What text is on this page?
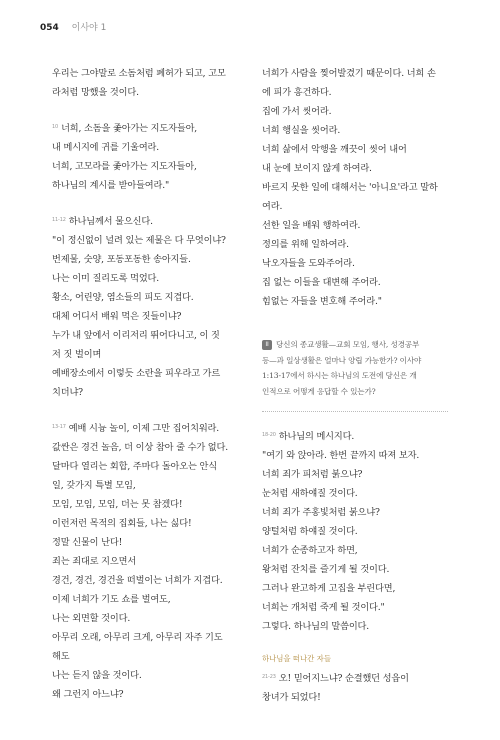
054 이사야 1
우리는 그야말로 소돔처럼 폐허가 되고, 고모
라처럼 망했을 것이다.
$^{10}$ 너희, 소돔을 좇아가는 지도자들아,
내 메시지에 귀를 기울여라.
너희, 고모라를 좇아가는 지도자들아,
하나님의 계시를 받아들여라."
$^{11-12}$ 하나님께서 물으신다.
"이 정신없이 널려 있는 제물은 다 무엇이냐?
번제물, 숫양, 포동포동한 송아지들.
나는 이미 질리도록 먹었다.
황소, 어린양, 염소들의 피도 지겹다.
대체 어디서 배워 먹은 짓들이냐?
누가 내 앞에서 이리저리 뛰어다니고, 이 짓
저 짓 벌이며
예배장소에서 이렇듯 소란을 피우라고 가르
치더냐?
$^{13-17}$ 예배 시늉 놀이, 이제 그만 집어치워라.
값싼은 경건 놀음, 더 이상 참아 줄 수가 없다.
달마다 열리는 회합, 주마다 돌아오는 안식
일, 갖가지 특별 모임,
모임, 모임, 모임, 더는 못 참겠다!
이런저런 목적의 집회들, 나는 싫다!
정말 신물이 난다!
죄는 죄대로 지으면서
경건, 경건, 경건을 떠벌이는 너희가 지겹다.
이제 너희가 기도 쇼를 벌여도,
나는 외면할 것이다.
아무리 오래, 아무리 크게, 아무리 자주 기도
해도
나는 듣지 않을 것이다.
왜 그런지 아느냐?
너희가 사람을 찢어발겼기 때문이다. 너희 손
에 피가 흥건하다.
집에 가서 씻어라.
너희 행실을 씻어라.
너희 삶에서 악행을 깨끗이 씻어 내어
내 눈에 보이지 않게 하여라.
바르지 못한 일에 대해서는 '아니요'라고 말하
여라.
선한 일을 배워 행하여라.
정의를 위해 일하여라.
낙오자들을 도와주어라.
집 없는 이들을 대변해 주어라.
힘없는 자들을 변호해 주어라."
II 당신의 종교생활—교회 모임, 행사, 성경공부
등—과 일상생활은 얼마나 양립 가능한가? 이사야
1:13-17에서 하시는 하나님의 도전에 당신은 개
인적으로 어떻게 응답할 수 있는가?
$^{18-20}$ 하나님의 메시지다.
"여기 와 앉아라. 한번 끝까지 따져 보자.
너희 죄가 피처럼 붉으냐?
눈처럼 새하얘질 것이다.
너희 죄가 주홍빛처럼 붉으냐?
양털처럼 하얘질 것이다.
너희가 순종하고자 하면,
왕처럼 잔치를 즐기게 될 것이다.
그러나 완고하게 고집을 부린다면,
너희는 개처럼 죽게 될 것이다."
그렇다. 하나님의 말씀이다.
하나님을 떠나간 자들
$^{21-23}$ 오! 믿어지느냐? 순결했던 성읍이
창녀가 되었다!
